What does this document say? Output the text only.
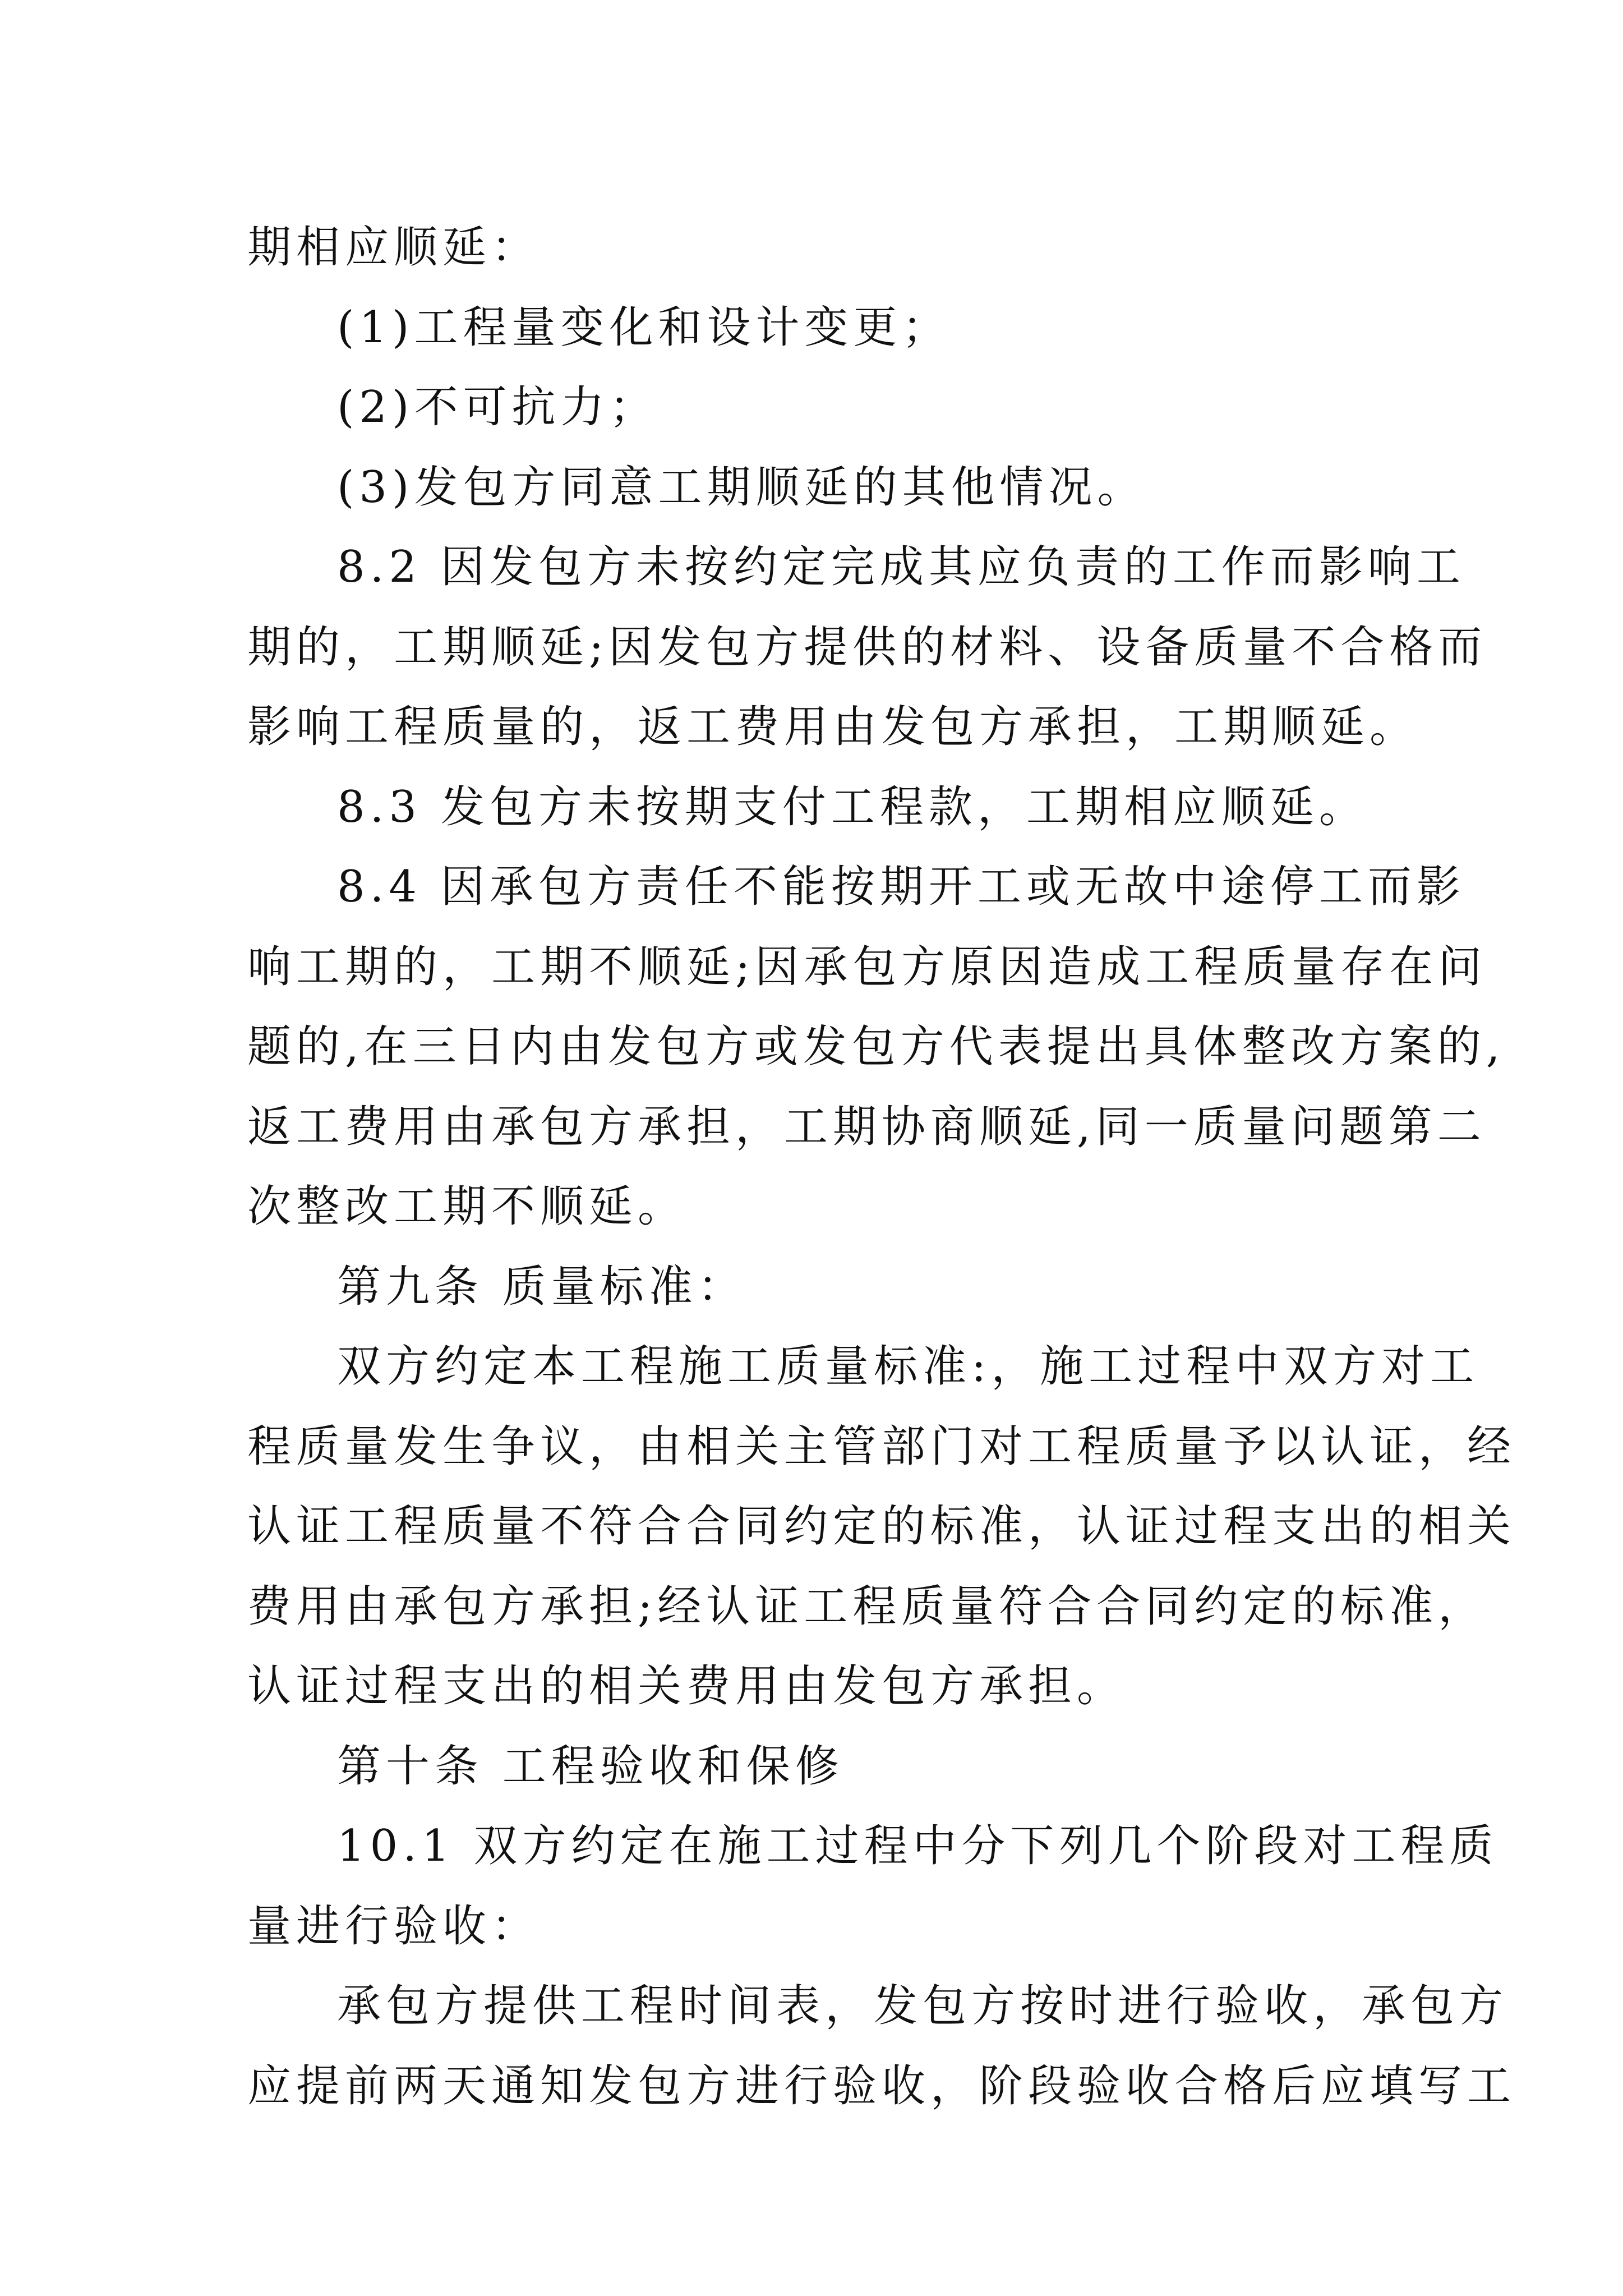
期相应顺延：

(1)工程量变化和设计变更；

(2)不可抗力；

(3)发包方同意工期顺延的其他情况。

8.2 因发包方未按约定完成其应负责的工作而影响工

期的，工期顺延;因发包方提供的材料、设备质量不合格而

影响工程质量的，返工费用由发包方承担，工期顺延。

8.3 发包方未按期支付工程款，工期相应顺延。

8.4 因承包方责任不能按期开工或无故中途停工而影

响工期的，工期不顺延;因承包方原因造成工程质量存在问

题的,在三日内由发包方或发包方代表提出具体整改方案的,

返工费用由承包方承担，工期协商顺延,同一质量问题第二

次整改工期不顺延。

第九条 质量标准：

双方约定本工程施工质量标准:，施工过程中双方对工

程质量发生争议，由相关主管部门对工程质量予以认证，经

认证工程质量不符合合同约定的标准，认证过程支出的相关

费用由承包方承担;经认证工程质量符合合同约定的标准，

认证过程支出的相关费用由发包方承担。

第十条 工程验收和保修

10.1 双方约定在施工过程中分下列几个阶段对工程质

量进行验收：

承包方提供工程时间表，发包方按时进行验收，承包方

应提前两天通知发包方进行验收，阶段验收合格后应填写工
